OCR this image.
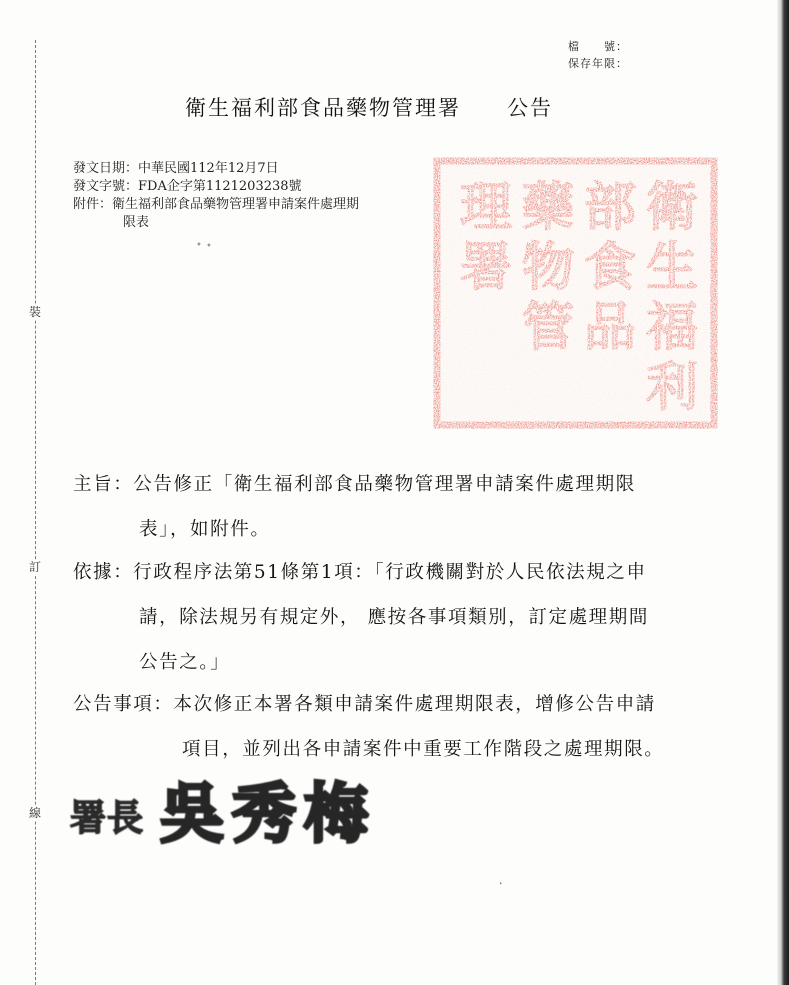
裝
訂
線
檔　　號：
保存年限：
衛生福利部食品藥物管理署　　公告
發文日期：中華民國112年12月7日
發文字號：FDA企字第1121203238號
附件：衛生福利部食品藥物管理署申請案件處理期
限表
• •
理 藥 部 衛
署 物 食 生
管 品 福
利
主旨：公告修正「衛生福利部食品藥物管理署申請案件處理期限
表」，如附件。
依據：行政程序法第51條第1項：「行政機關對於人民依法規之申
請，除法規另有規定外， 應按各事項類別，訂定處理期間
公告之。」
公告事項：本次修正本署各類申請案件處理期限表，增修公告申請
項目，並列出各申請案件中重要工作階段之處理期限。
署長 吳秀梅
˛
